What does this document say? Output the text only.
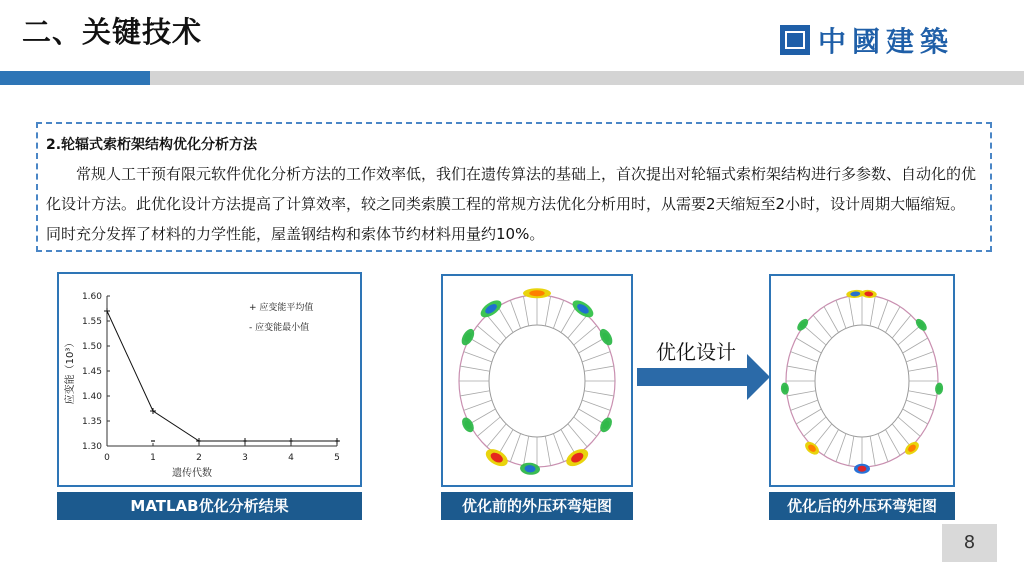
二、关键技术	中國建築
2.轮辐式索桁架结构优化分析方法
常规人工干预有限元软件优化分析方法的工作效率低，我们在遗传算法的基础上，首次提出对轮辐式索桁架结构进行多参数、自动化的优化设计方法。此优化设计方法提高了计算效率，较之同类索膜工程的常规方法优化分析用时，从需要2天缩短至2小时，设计周期大幅缩短。同时充分发挥了材料的力学性能，屋盖钢结构和索体节约材料用量约10%。
0	1	2	3	4	5
1.30
1.35
1.40
1.45
1.50
1.55
1.60
遗传代数
应变能（10³）
+ 应变能平均值
- 应变能最小值
MATLAB优化分析结果	优化前的外压环弯矩图
优化设计
优化后的外压环弯矩图
8
